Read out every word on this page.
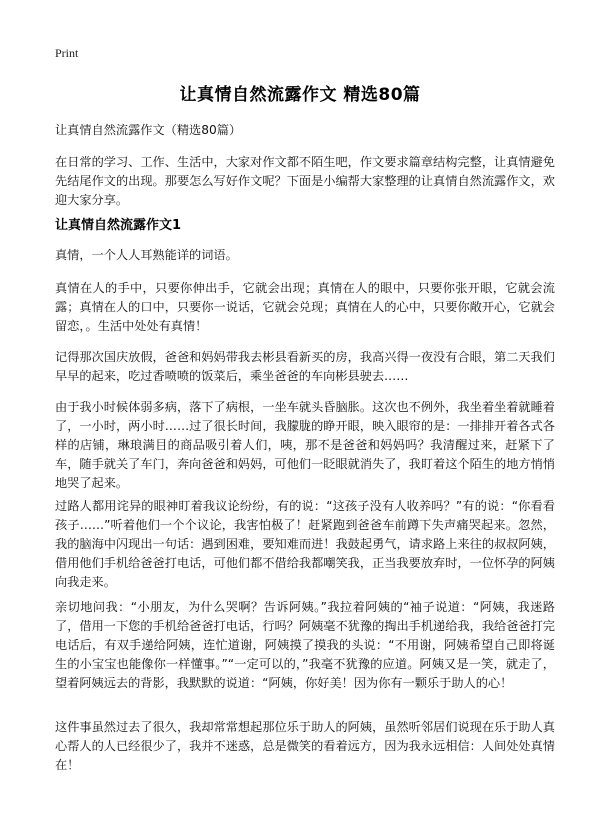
Print
让真情自然流露作文 精选80篇

让真情自然流露作文（精选80篇）

在日常的学习、工作、生活中，大家对作文都不陌生吧，作文要求篇章结构完整，让真情避免先结尾作文的出现。那要怎么写好作文呢？下面是小编帮大家整理的让真情自然流露作文，欢迎大家分享。

让真情自然流露作文1

真情，一个人人耳熟能详的词语。

真情在人的手中，只要你伸出手，它就会出现；真情在人的眼中，只要你张开眼，它就会流露；真情在人的口中，只要你一说话，它就会兑现；真情在人的心中，只要你敞开心，它就会留恋，。生活中处处有真情！

记得那次国庆放假，爸爸和妈妈带我去彬县看新买的房，我高兴得一夜没有合眼，第二天我们早早的起来，吃过香喷喷的饭菜后，乘坐爸爸的车向彬县驶去……

由于我小时候体弱多病，落下了病根，一坐车就头昏脑胀。这次也不例外，我坐着坐着就睡着了，一小时，两小时……过了很长时间，我朦胧的睁开眼，映入眼帘的是：一排排开着各式各样的店铺，琳琅满目的商品吸引着人们，咦，那不是爸爸和妈妈吗？我清醒过来，赶紧下了车，随手就关了车门，奔向爸爸和妈妈，可他们一眨眼就消失了，我盯着这个陌生的地方悄悄地哭了起来。

过路人都用诧异的眼神盯着我议论纷纷，有的说：“这孩子没有人收养吗？”有的说：“你看看孩子……”听着他们一个个议论，我害怕极了！赶紧跑到爸爸车前蹲下失声痛哭起来。忽然，我的脑海中闪现出一句话：遇到困难，要知难而进！我鼓起勇气，请求路上来往的叔叔阿姨，借用他们手机给爸爸打电话，可他们都不借给我都嘲笑我，正当我要放弃时，一位怀孕的阿姨向我走来。

亲切地问我：“小朋友，为什么哭啊？告诉阿姨。”我拉着阿姨的“袖子说道：“阿姨，我迷路了，借用一下您的手机给爸爸打电话，行吗？阿姨毫不犹豫的掏出手机递给我，我给爸爸打完电话后，有双手递给阿姨，连忙道谢，阿姨摸了摸我的头说：“不用谢，阿姨希望自己即将诞生的小宝宝也能像你一样懂事。”“一定可以的，”我毫不犹豫的应道。阿姨又是一笑，就走了，望着阿姨远去的背影，我默默的说道：“阿姨，你好美！因为你有一颗乐于助人的心！

这件事虽然过去了很久，我却常常想起那位乐于助人的阿姨，虽然听邻居们说现在乐于助人真心帮人的人已经很少了，我并不迷惑，总是微笑的看着远方，因为我永远相信：人间处处真情在！
